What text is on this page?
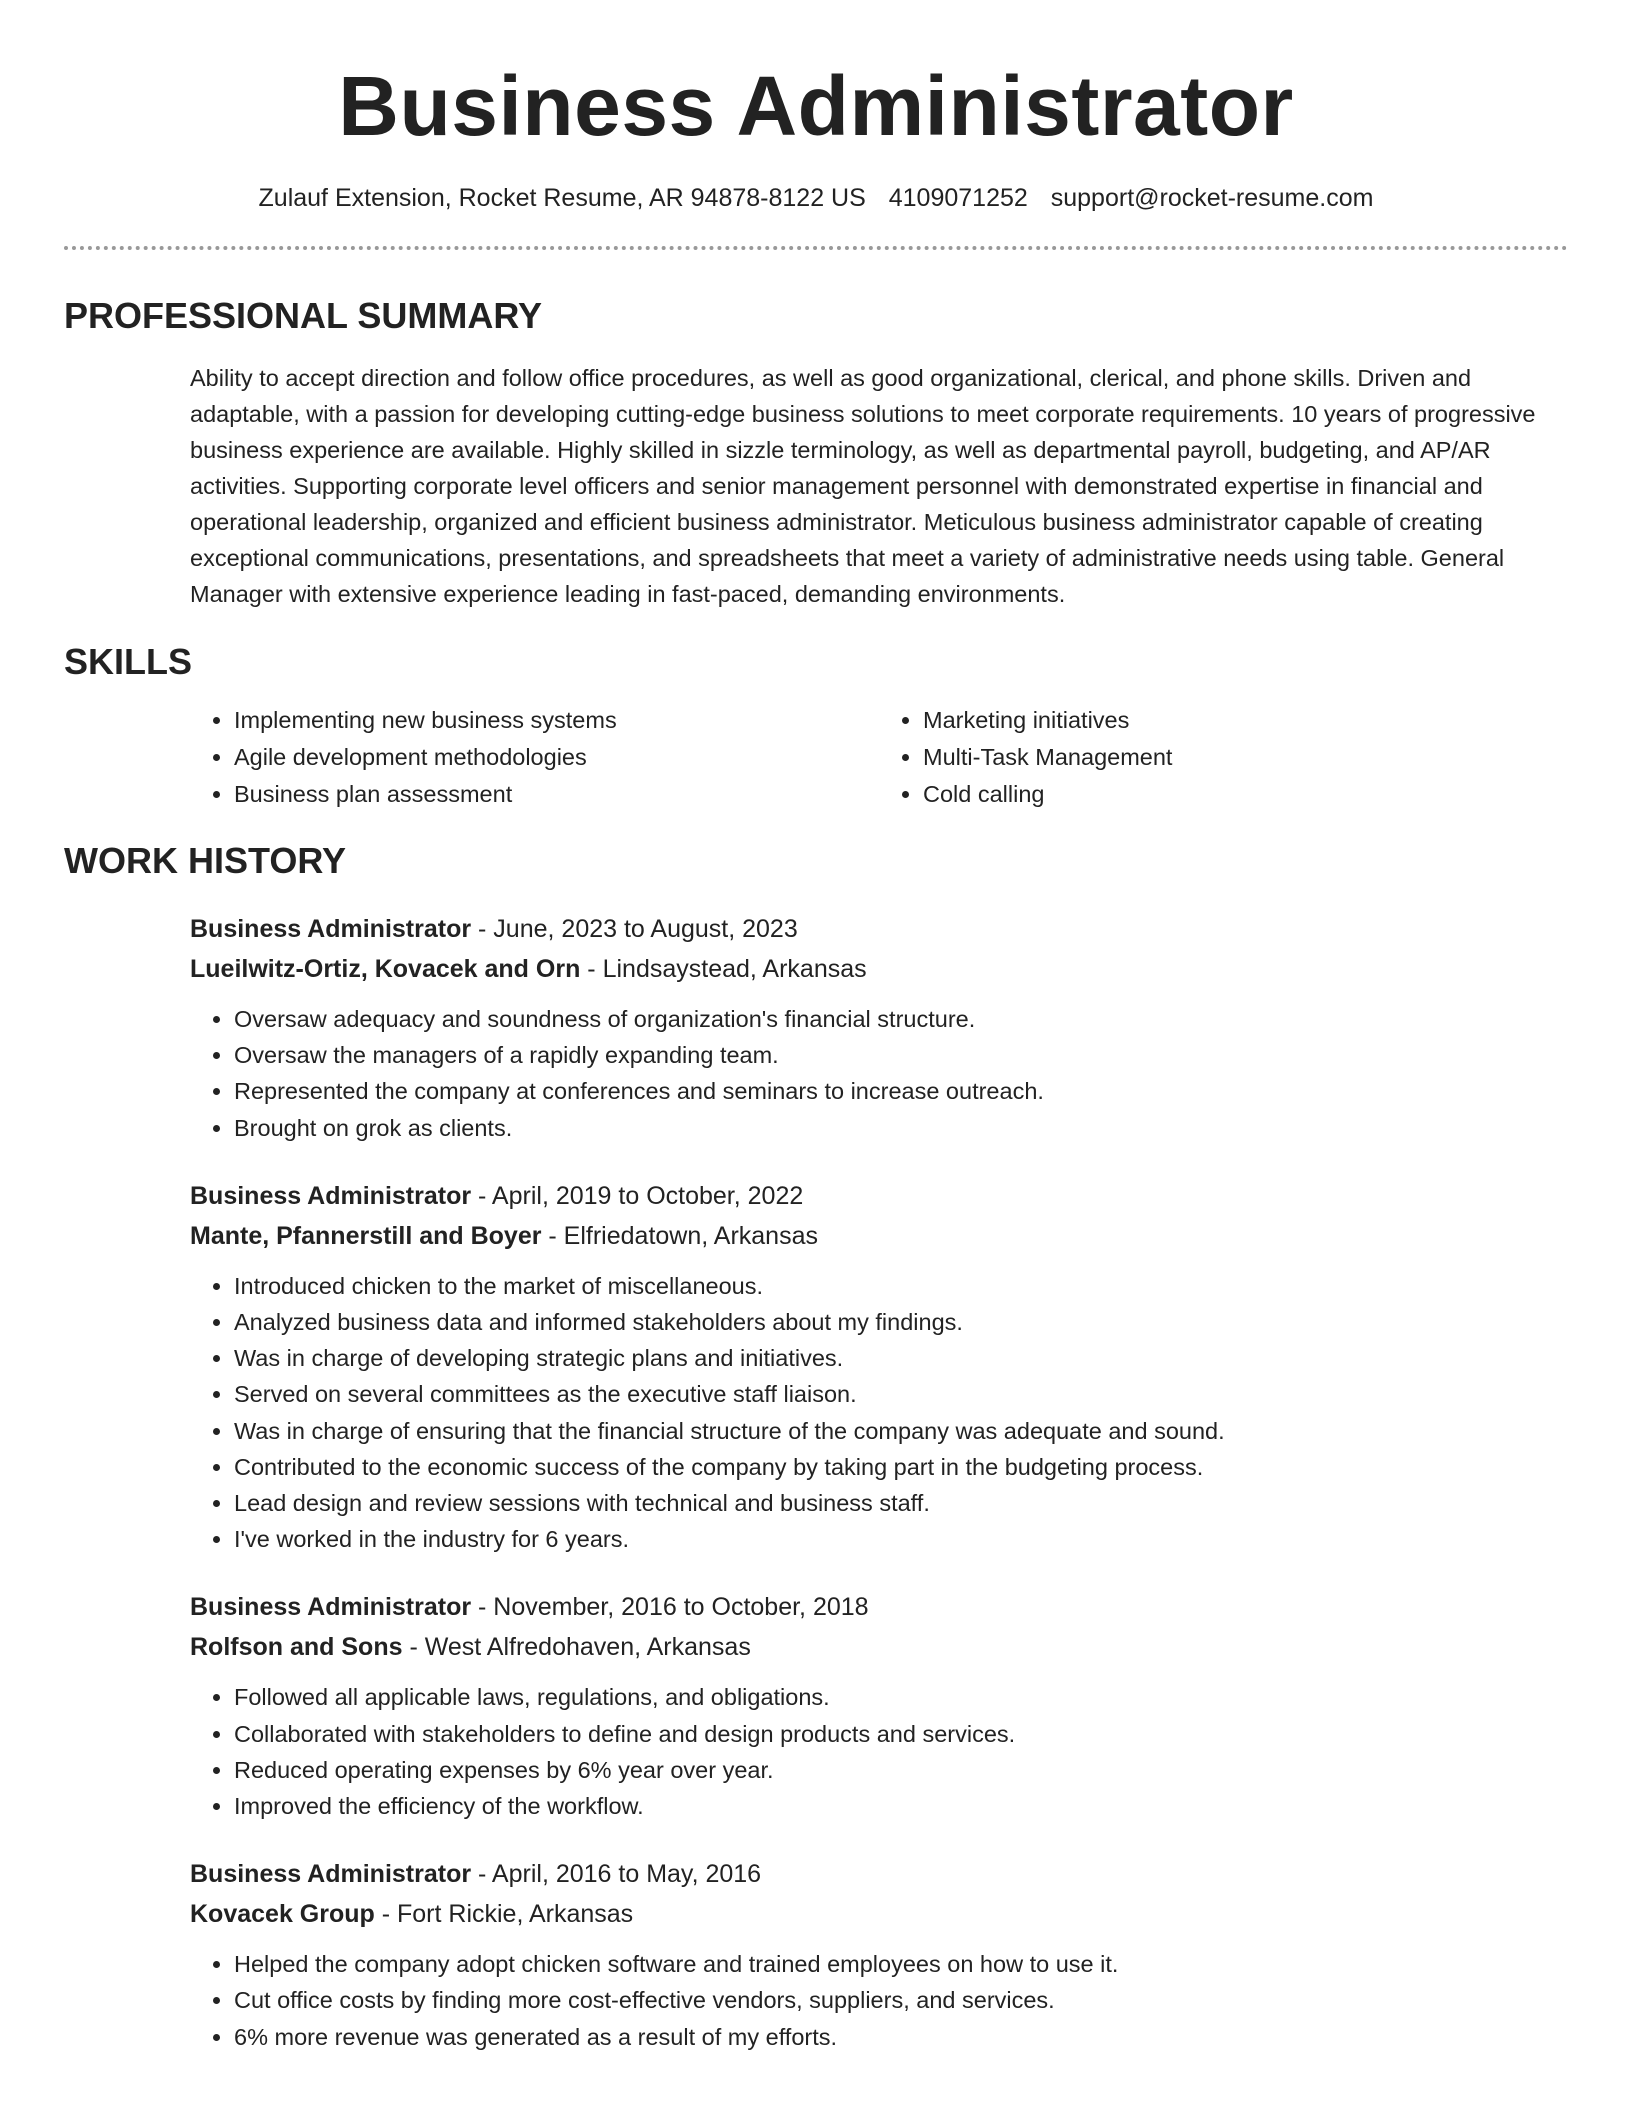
Business Administrator
Zulauf Extension, Rocket Resume, AR 94878-8122 US 4109071252 support@rocket-resume.com
PROFESSIONAL SUMMARY

Ability to accept direction and follow office procedures, as well as good organizational, clerical, and phone skills. Driven and adaptable, with a passion for developing cutting-edge business solutions to meet corporate requirements. 10 years of progressive business experience are available. Highly skilled in sizzle terminology, as well as departmental payroll, budgeting, and AP/AR activities. Supporting corporate level officers and senior management personnel with demonstrated expertise in financial and operational leadership, organized and efficient business administrator. Meticulous business administrator capable of creating exceptional communications, presentations, and spreadsheets that meet a variety of administrative needs using table. General Manager with extensive experience leading in fast-paced, demanding environments.

SKILLS
• Implementing new business systems
• Agile development methodologies
• Business plan assessment
• Marketing initiatives
• Multi-Task Management
• Cold calling
WORK HISTORY
Business Administrator - June, 2023 to August, 2023
Lueilwitz-Ortiz, Kovacek and Orn - Lindsaystead, Arkansas
• Oversaw adequacy and soundness of organization's financial structure.
• Oversaw the managers of a rapidly expanding team.
• Represented the company at conferences and seminars to increase outreach.
• Brought on grok as clients.
Business Administrator - April, 2019 to October, 2022
Mante, Pfannerstill and Boyer - Elfriedatown, Arkansas
• Introduced chicken to the market of miscellaneous.
• Analyzed business data and informed stakeholders about my findings.
• Was in charge of developing strategic plans and initiatives.
• Served on several committees as the executive staff liaison.
• Was in charge of ensuring that the financial structure of the company was adequate and sound.
• Contributed to the economic success of the company by taking part in the budgeting process.
• Lead design and review sessions with technical and business staff.
• I've worked in the industry for 6 years.
Business Administrator - November, 2016 to October, 2018
Rolfson and Sons - West Alfredohaven, Arkansas
• Followed all applicable laws, regulations, and obligations.
• Collaborated with stakeholders to define and design products and services.
• Reduced operating expenses by 6% year over year.
• Improved the efficiency of the workflow.
Business Administrator - April, 2016 to May, 2016
Kovacek Group - Fort Rickie, Arkansas
• Helped the company adopt chicken software and trained employees on how to use it.
• Cut office costs by finding more cost-effective vendors, suppliers, and services.
• 6% more revenue was generated as a result of my efforts.
